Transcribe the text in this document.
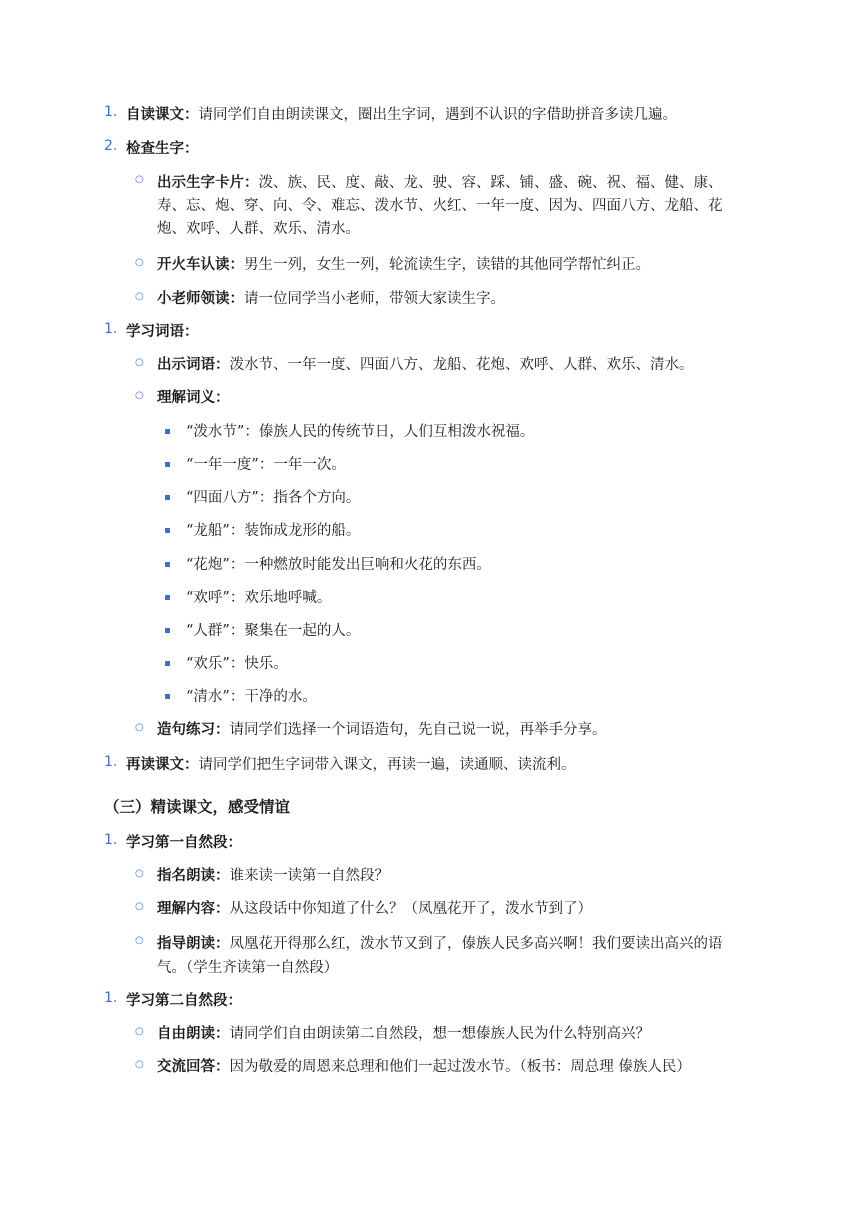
1. 自读课文：请同学们自由朗读课文，圈出生字词，遇到不认识的字借助拼音多读几遍。
2. 检查生字：
○ 出示生字卡片：泼、族、民、度、敲、龙、驶、容、踩、铺、盛、碗、祝、福、健、康、寿、忘、炮、穿、向、令、难忘、泼水节、火红、一年一度、因为、四面八方、龙船、花炮、欢呼、人群、欢乐、清水。
○ 开火车认读：男生一列，女生一列，轮流读生字，读错的其他同学帮忙纠正。
○ 小老师领读：请一位同学当小老师，带领大家读生字。
1. 学习词语：
○ 出示词语：泼水节、一年一度、四面八方、龙船、花炮、欢呼、人群、欢乐、清水。
○ 理解词义：
“泼水节”：傣族人民的传统节日，人们互相泼水祝福。
“一年一度”：一年一次。
“四面八方”：指各个方向。
“龙船”：装饰成龙形的船。
“花炮”：一种燃放时能发出巨响和火花的东西。
“欢呼”：欢乐地呼喊。
“人群”：聚集在一起的人。
“欢乐”：快乐。
“清水”：干净的水。
○ 造句练习：请同学们选择一个词语造句，先自己说一说，再举手分享。
1. 再读课文：请同学们把生字词带入课文，再读一遍，读通顺、读流利。
（三）精读课文，感受情谊
1. 学习第一自然段：
○ 指名朗读：谁来读一读第一自然段？
○ 理解内容：从这段话中你知道了什么？（凤凰花开了，泼水节到了）
○ 指导朗读：凤凰花开得那么红，泼水节又到了，傣族人民多高兴啊！我们要读出高兴的语气。（学生齐读第一自然段）
1. 学习第二自然段：
○ 自由朗读：请同学们自由朗读第二自然段，想一想傣族人民为什么特别高兴？
○ 交流回答：因为敬爱的周恩来总理和他们一起过泼水节。（板书：周总理 傣族人民）
